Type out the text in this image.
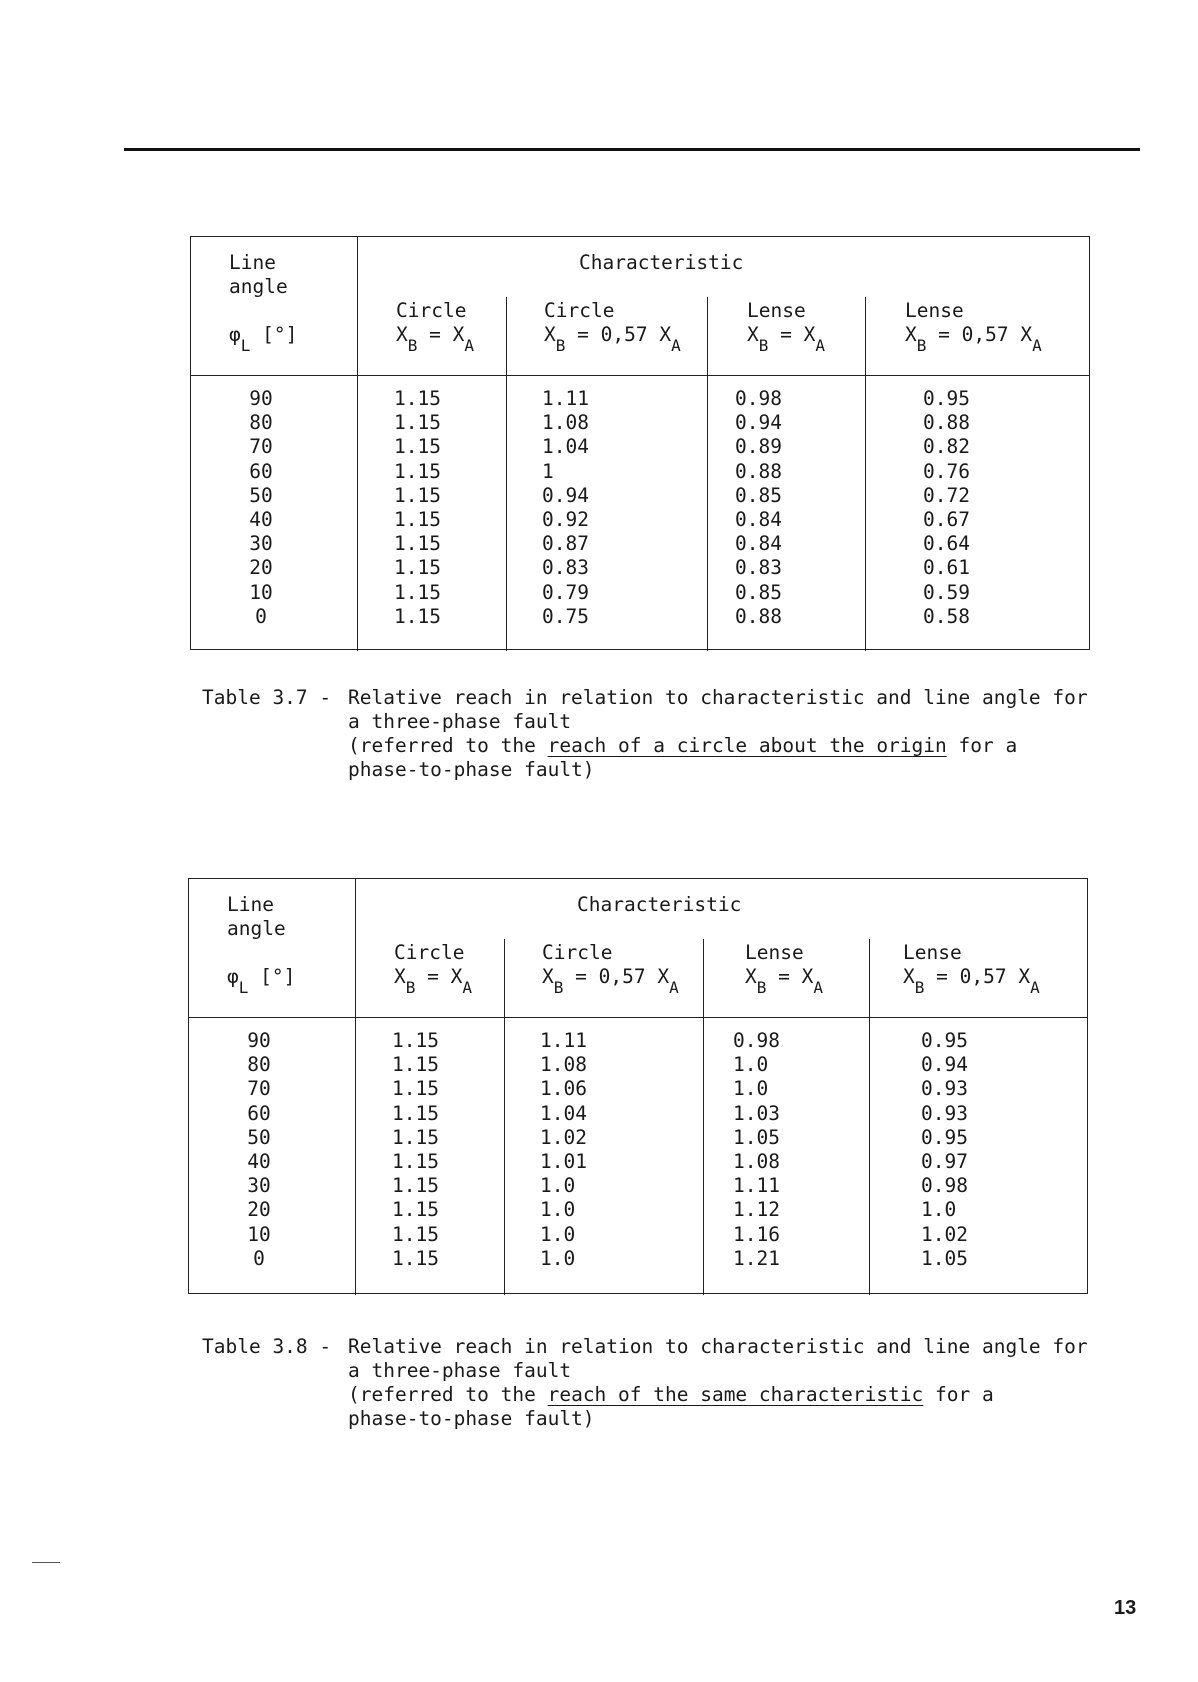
Line
angle
$\varphi_L$ [°]
Characteristic
Circle
$X_B = X_A$
Circle
$X_B = 0,57$ $X_A$
Lense
$X_B = X_A$
Lense
$X_B = 0,57$ $X_A$
90
80
70
60
50
40
30
20
10
0
1.15
1.15
1.15
1.15
1.15
1.15
1.15
1.15
1.15
1.15
1.11
1.08
1.04
1
0.94
0.92
0.87
0.83
0.79
0.75
0.98
0.94
0.89
0.88
0.85
0.84
0.84
0.83
0.85
0.88
0.95
0.88
0.82
0.76
0.72
0.67
0.64
0.61
0.59
0.58
Table 3.7 - Relative reach in relation to characteristic and line angle for
a three-phase fault
(referred to the reach of a circle about the origin for a
phase-to-phase fault)
Line
angle
$\varphi_L$ [°]
Characteristic
Circle
$X_B = X_A$
Circle
$X_B = 0,57$ $X_A$
Lense
$X_B = X_A$
Lense
$X_B = 0,57$ $X_A$
90
80
70
60
50
40
30
20
10
0
1.15
1.15
1.15
1.15
1.15
1.15
1.15
1.15
1.15
1.15
1.11
1.08
1.06
1.04
1.02
1.01
1.0
1.0
1.0
1.0
0.98
1.0
1.0
1.03
1.05
1.08
1.11
1.12
1.16
1.21
0.95
0.94
0.93
0.93
0.95
0.97
0.98
1.0
1.02
1.05
Table 3.8 - Relative reach in relation to characteristic and line angle for
a three-phase fault
(referred to the reach of the same characteristic for a
phase-to-phase fault)
13
